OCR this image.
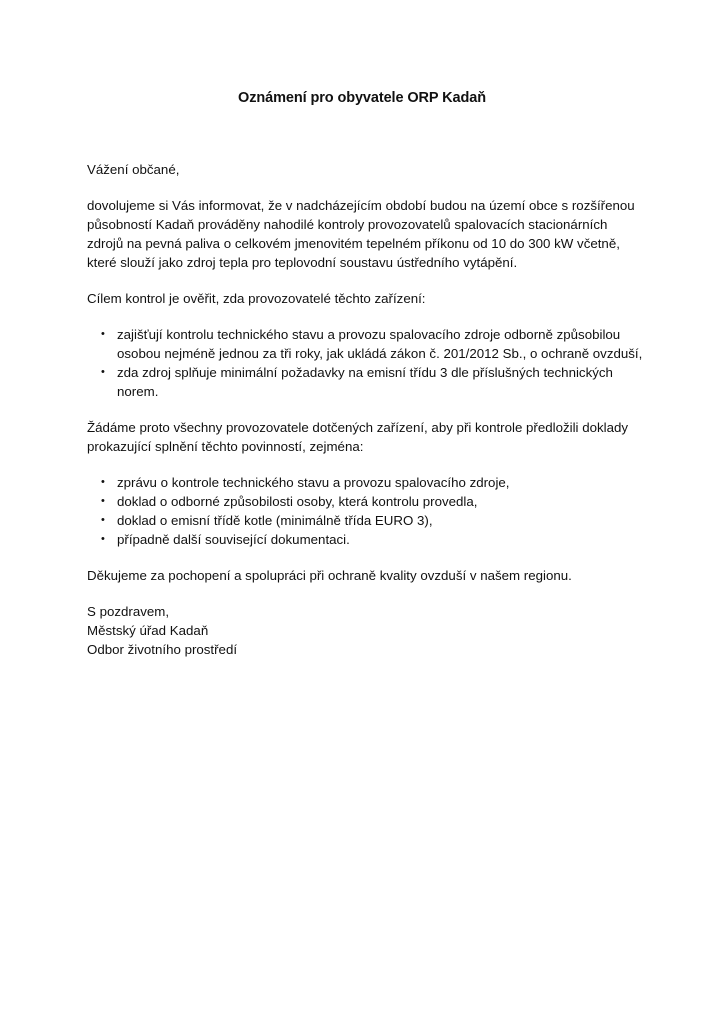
Oznámení pro obyvatele ORP Kadaň

Vážení občané,

dovolujeme si Vás informovat, že v nadcházejícím období budou na území obce s rozšířenou působností Kadaň prováděny nahodilé kontroly provozovatelů spalovacích stacionárních zdrojů na pevná paliva o celkovém jmenovitém tepelném příkonu od 10 do 300 kW včetně, které slouží jako zdroj tepla pro teplovodní soustavu ústředního vytápění.

Cílem kontrol je ověřit, zda provozovatelé těchto zařízení:

• zajišťují kontrolu technického stavu a provozu spalovacího zdroje odborně způsobilou osobou nejméně jednou za tři roky, jak ukládá zákon č. 201/2012 Sb., o ochraně ovzduší,
• zda zdroj splňuje minimální požadavky na emisní třídu 3 dle příslušných technických norem.

Žádáme proto všechny provozovatele dotčených zařízení, aby při kontrole předložili doklady prokazující splnění těchto povinností, zejména:

• zprávu o kontrole technického stavu a provozu spalovacího zdroje,
• doklad o odborné způsobilosti osoby, která kontrolu provedla,
• doklad o emisní třídě kotle (minimálně třída EURO 3),
• případně další související dokumentaci.

Děkujeme za pochopení a spolupráci při ochraně kvality ovzduší v našem regionu.

S pozdravem,

Městský úřad Kadaň

Odbor životního prostředí
